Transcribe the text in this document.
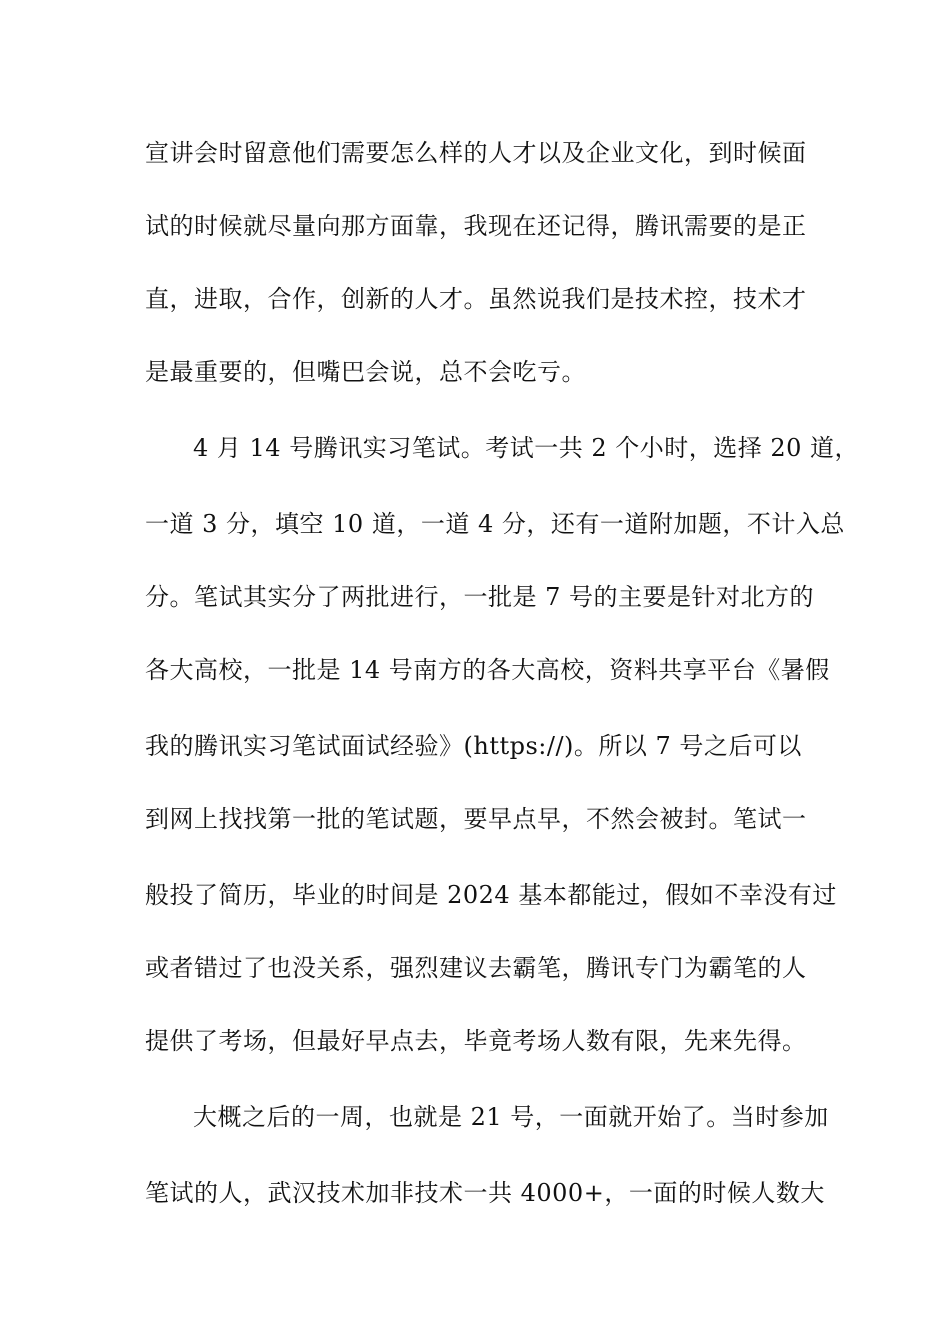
宣讲会时留意他们需要怎么样的人才以及企业文化，到时候面
试的时候就尽量向那方面靠，我现在还记得，腾讯需要的是正
直，进取，合作，创新的人才。虽然说我们是技术控，技术才
是最重要的，但嘴巴会说，总不会吃亏。
4 月 14 号腾讯实习笔试。考试一共 2 个小时，选择 20 道，
一道 3 分，填空 10 道，一道 4 分，还有一道附加题，不计入总
分。笔试其实分了两批进行，一批是 7 号的主要是针对北方的
各大高校，一批是 14 号南方的各大高校，资料共享平台《暑假
我的腾讯实习笔试面试经验》(https://)。所以 7 号之后可以
到网上找找第一批的笔试题，要早点早，不然会被封。笔试一
般投了简历，毕业的时间是 2024 基本都能过，假如不幸没有过
或者错过了也没关系，强烈建议去霸笔，腾讯专门为霸笔的人
提供了考场，但最好早点去，毕竟考场人数有限，先来先得。
大概之后的一周，也就是 21 号，一面就开始了。当时参加
笔试的人，武汉技术加非技术一共 4000+，一面的时候人数大
